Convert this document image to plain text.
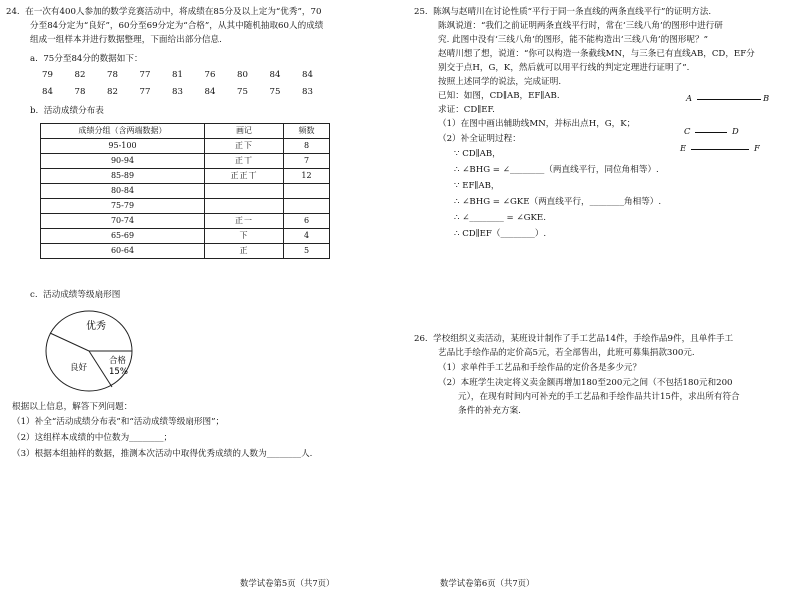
24.  在一次有400人参加的数学竞赛活动中，将成绩在85分及以上定为“优秀”，70
分至84分定为“良好”，60分至69分定为“合格”，从其中随机抽取60人的成绩
组成一组样本并进行数据整理，下面给出部分信息.
a.  75分至84分的数据如下：
79	82	78	77	81	76	80	84	84
84	78	82	77	83	84	75	75	83
b.  活动成绩分布表
成绩分组（含两端数据）	画记	频数
95-100	正下	8
90-94	正丅	7
85-89	正正丅	12
80-84		
75-79		
70-74	正一	6
65-69	下	4
60-64	正	5
c.  活动成绩等级扇形图
优秀
良好
合格
15%
根据以上信息，解答下列问题：
（1）补全“活动成绩分布表”和“活动成绩等级扇形图”；
（2）这组样本成绩的中位数为________；
（3）根据本组抽样的数据，推测本次活动中取得优秀成绩的人数为________人.
数学试卷第5页（共7页）
25.  陈飒与赵晴川在讨论性质“平行于同一条直线的两条直线平行”的证明方法.
陈飒说道：“我们之前证明两条直线平行时，常在‘三线八角’的图形中进行研
究. 此图中没有‘三线八角’的图形，能不能构造出‘三线八角’的图形呢？”
赵晴川想了想，说道：“你可以构造一条截线MN，与三条已有直线AB，CD，EF分
别交于点H，G，K，然后就可以用平行线的判定定理进行证明了”.
按照上述同学的说法，完成证明.
已知：如图，CD∥AB，EF∥AB.
求证：CD∥EF.
（1）在图中画出辅助线MN，并标出点H，G，K；
（2）补全证明过程：
∵ CD∥AB，
∴ ∠BHG = ∠________（两直线平行，同位角相等）.
∵ EF∥AB，
∴ ∠BHG = ∠GKE（两直线平行，________角相等）.
∴ ∠________ = ∠GKE.
∴ CD∥EF（________）.
A	B
C	D
E	F
26.  学校组织义卖活动，某班设计制作了手工艺品14件，手绘作品9件，且单件手工
艺品比手绘作品的定价高5元，若全部售出，此班可募集捐款300元.
（1）求单件手工艺品和手绘作品的定价各是多少元？
（2）本班学生决定将义卖金额再增加180至200元之间（不包括180元和200
元），在现有时间内可补充的手工艺品和手绘作品共计15件，求出所有符合
条件的补充方案.
数学试卷第6页（共7页）
